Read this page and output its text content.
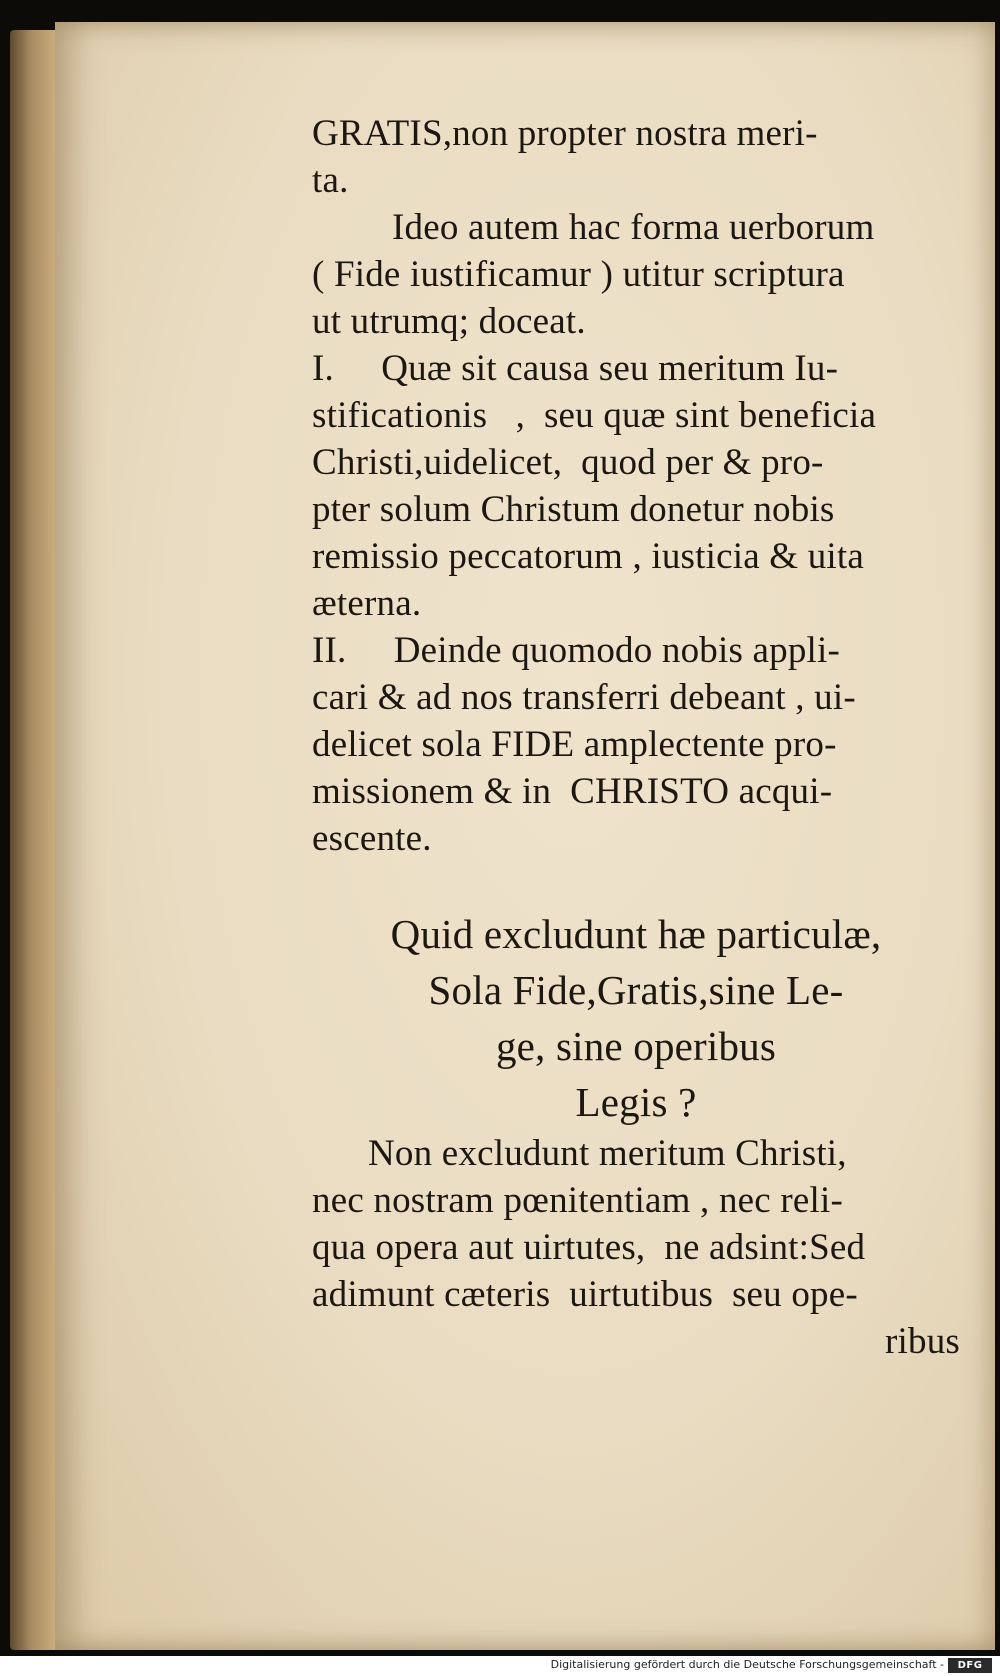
GRATIS,non propter nostra meri-
ta.
Ideo autem hac forma uerborum
( Fide iustificamur ) utitur scriptura
ut utrumq; doceat.
I.     Quæ sit causa seu meritum Iu-
stificationis   ,  seu quæ sint beneficia
Christi,uidelicet,  quod per & pro-
pter solum Christum donetur nobis
remissio peccatorum , iusticia & uita
æterna.
II.     Deinde quomodo nobis appli-
cari & ad nos transferri debeant , ui-
delicet sola FIDE amplectente pro-
missionem & in  CHRISTO acqui-
escente.
Quid excludunt hæ particulæ,
Sola Fide,Gratis,sine Le-
ge, sine operibus
Legis ?
Non excludunt meritum Christi,
nec nostram pœnitentiam , nec reli-
qua opera aut uirtutes,  ne adsint:Sed
adimunt cæteris  uirtutibus  seu ope-
ribus
Digitalisierung gefördert durch die Deutsche Forschungsgemeinschaft -	DFG
